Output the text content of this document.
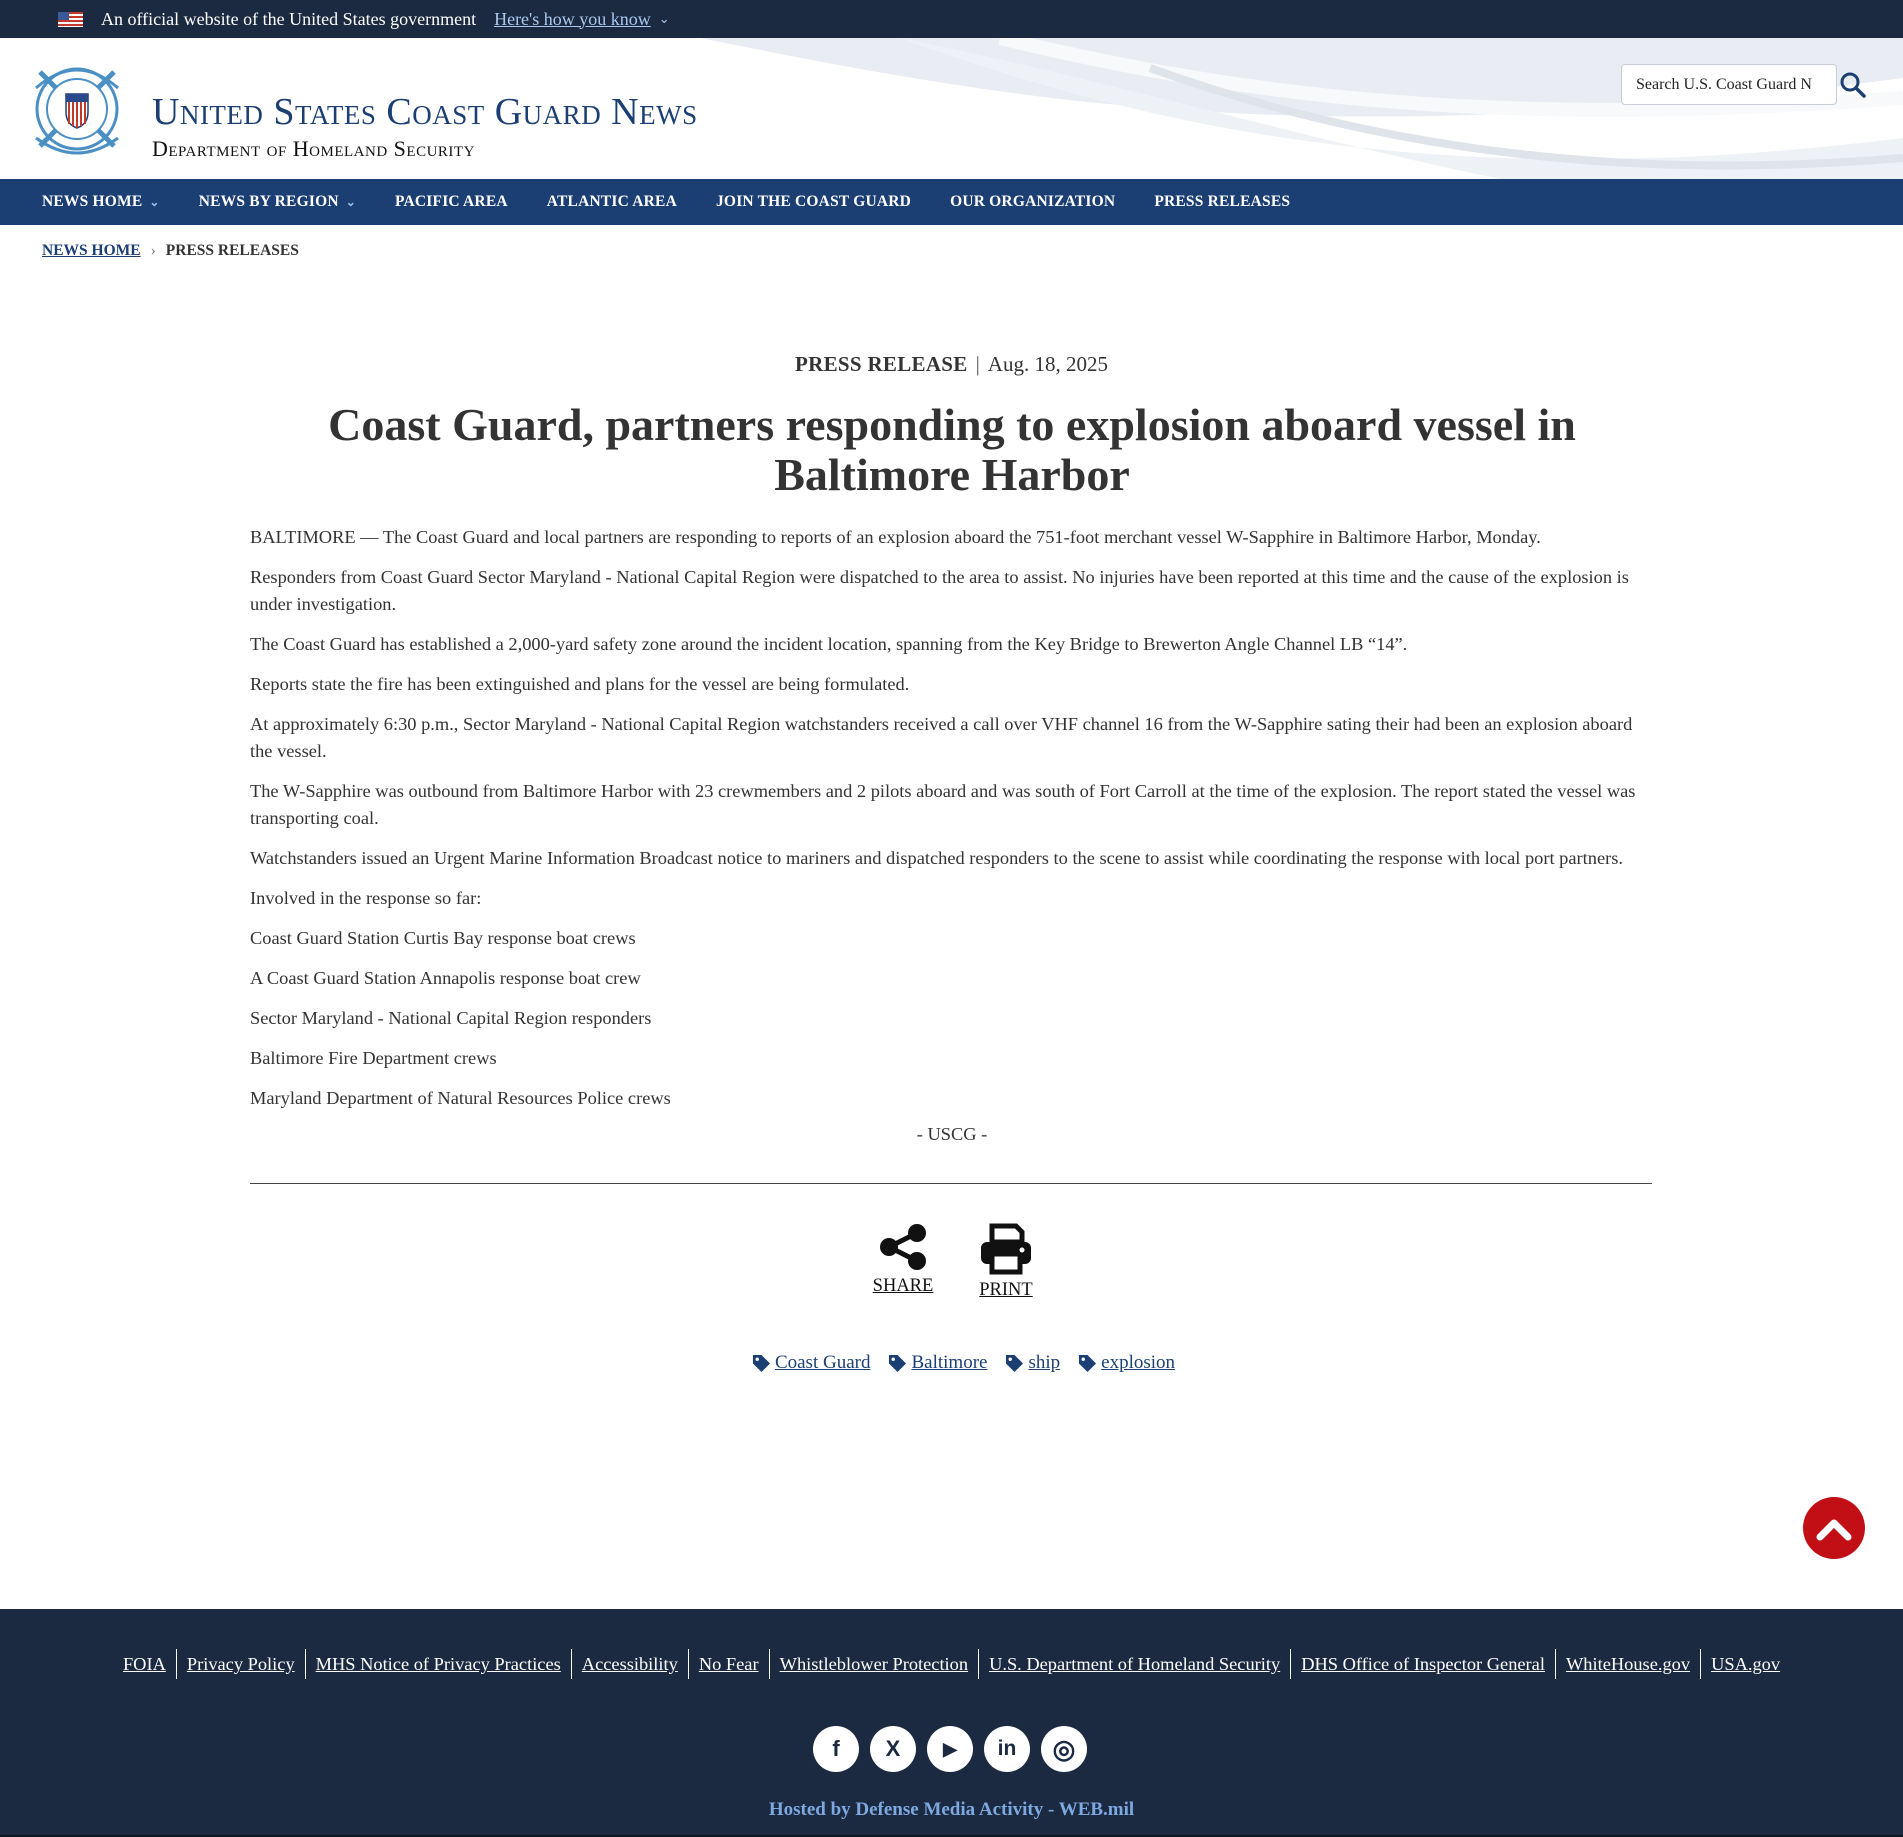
An official website of the United States government Here's how you know ⌄
United States Coast Guard News
Department of Homeland Security
Search U.S. Coast Guard N
NEWS HOME ⌄	NEWS BY REGION ⌄	PACIFIC AREA	ATLANTIC AREA	JOIN THE COAST GUARD	OUR ORGANIZATION	PRESS RELEASES
NEWS HOME › PRESS RELEASES
PRESS RELEASE | Aug. 18, 2025
Coast Guard, partners responding to explosion aboard vessel in Baltimore Harbor

BALTIMORE — The Coast Guard and local partners are responding to reports of an explosion aboard the 751-foot merchant vessel W-Sapphire in Baltimore Harbor, Monday.

Responders from Coast Guard Sector Maryland - National Capital Region were dispatched to the area to assist. No injuries have been reported at this time and the cause of the explosion is under investigation.

The Coast Guard has established a 2,000-yard safety zone around the incident location, spanning from the Key Bridge to Brewerton Angle Channel LB “14”.

Reports state the fire has been extinguished and plans for the vessel are being formulated.

At approximately 6:30 p.m., Sector Maryland - National Capital Region watchstanders received a call over VHF channel 16 from the W-Sapphire sating their had been an explosion aboard the vessel.

The W-Sapphire was outbound from Baltimore Harbor with 23 crewmembers and 2 pilots aboard and was south of Fort Carroll at the time of the explosion. The report stated the vessel was transporting coal.

Watchstanders issued an Urgent Marine Information Broadcast notice to mariners and dispatched responders to the scene to assist while coordinating the response with local port partners.

Involved in the response so far:

Coast Guard Station Curtis Bay response boat crews

A Coast Guard Station Annapolis response boat crew

Sector Maryland - National Capital Region responders

Baltimore Fire Department crews

Maryland Department of Natural Resources Police crews

- USCG -

SHARE PRINT
Coast Guard Baltimore ship explosion
FOIA	Privacy Policy	MHS Notice of Privacy Practices	Accessibility	No Fear	Whistleblower Protection	U.S. Department of Homeland Security	DHS Office of Inspector General	WhiteHouse.gov	USA.gov
f	X	▶	in	◎
Hosted by Defense Media Activity - WEB.mil
